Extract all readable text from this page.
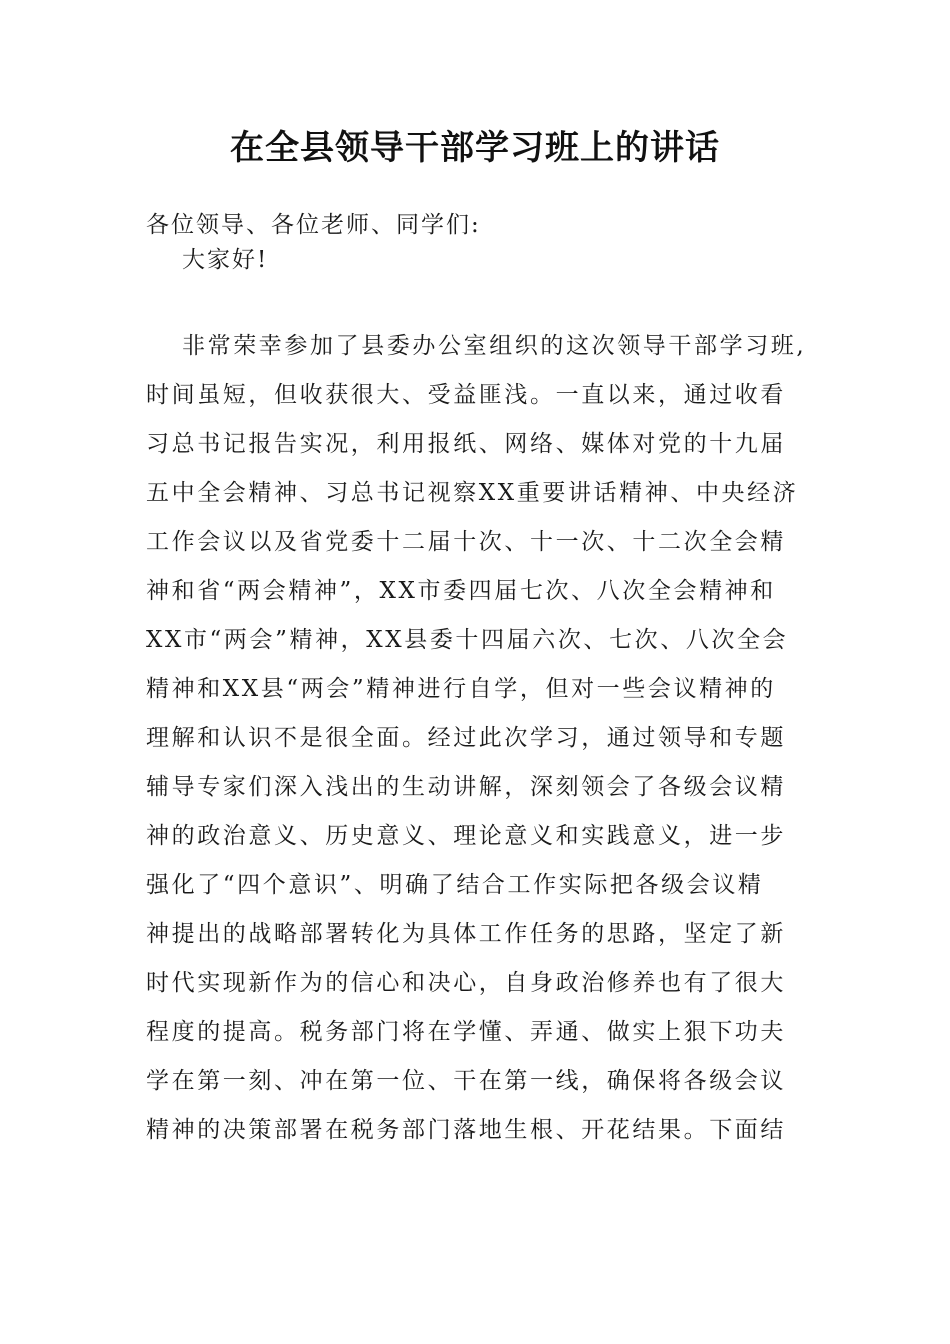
在全县领导干部学习班上的讲话
各位领导、各位老师、同学们:
大家好!
非常荣幸参加了县委办公室组织的这次领导干部学习班,
时间虽短，但收获很大、受益匪浅。一直以来，通过收看
习总书记报告实况，利用报纸、网络、媒体对党的十九届
五中全会精神、习总书记视察XX重要讲话精神、中央经济
工作会议以及省党委十二届十次、十一次、十二次全会精
神和省“两会精神”，XX市委四届七次、八次全会精神和
XX市“两会”精神，XX县委十四届六次、七次、八次全会
精神和XX县“两会”精神进行自学，但对一些会议精神的
理解和认识不是很全面。经过此次学习，通过领导和专题
辅导专家们深入浅出的生动讲解，深刻领会了各级会议精
神的政治意义、历史意义、理论意义和实践意义，进一步
强化了“四个意识”、明确了结合工作实际把各级会议精
神提出的战略部署转化为具体工作任务的思路，坚定了新
时代实现新作为的信心和决心，自身政治修养也有了很大
程度的提高。税务部门将在学懂、弄通、做实上狠下功夫
学在第一刻、冲在第一位、干在第一线，确保将各级会议
精神的决策部署在税务部门落地生根、开花结果。下面结
